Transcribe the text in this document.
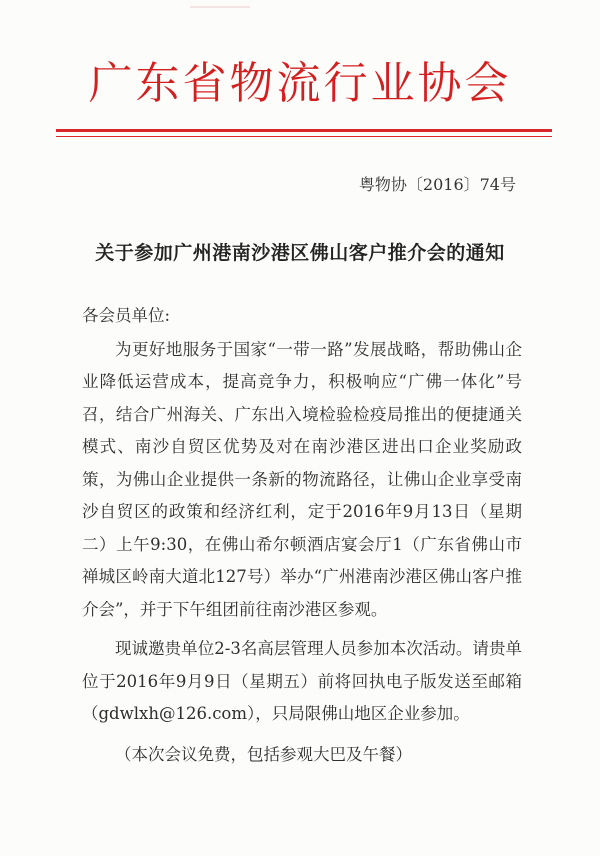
广东省物流行业协会
粤物协〔2016〕74号
关于参加广州港南沙港区佛山客户推介会的通知

各会员单位:

为更好地服务于国家“一带一路”发展战略，帮助佛山企业降低运营成本，提高竞争力，积极响应“广佛一体化”号召，结合广州海关、广东出入境检验检疫局推出的便捷通关模式、南沙自贸区优势及对在南沙港区进出口企业奖励政策，为佛山企业提供一条新的物流路径，让佛山企业享受南沙自贸区的政策和经济红利，定于2016年9月13日（星期二）上午9:30，在佛山希尔顿酒店宴会厅1（广东省佛山市禅城区岭南大道北127号）举办“广州港南沙港区佛山客户推介会”，并于下午组团前往南沙港区参观。

现诚邀贵单位2-3名高层管理人员参加本次活动。请贵单位于2016年9月9日（星期五）前将回执电子版发送至邮箱（gdwlxh@126.com），只局限佛山地区企业参加。

（本次会议免费，包括参观大巴及午餐）
